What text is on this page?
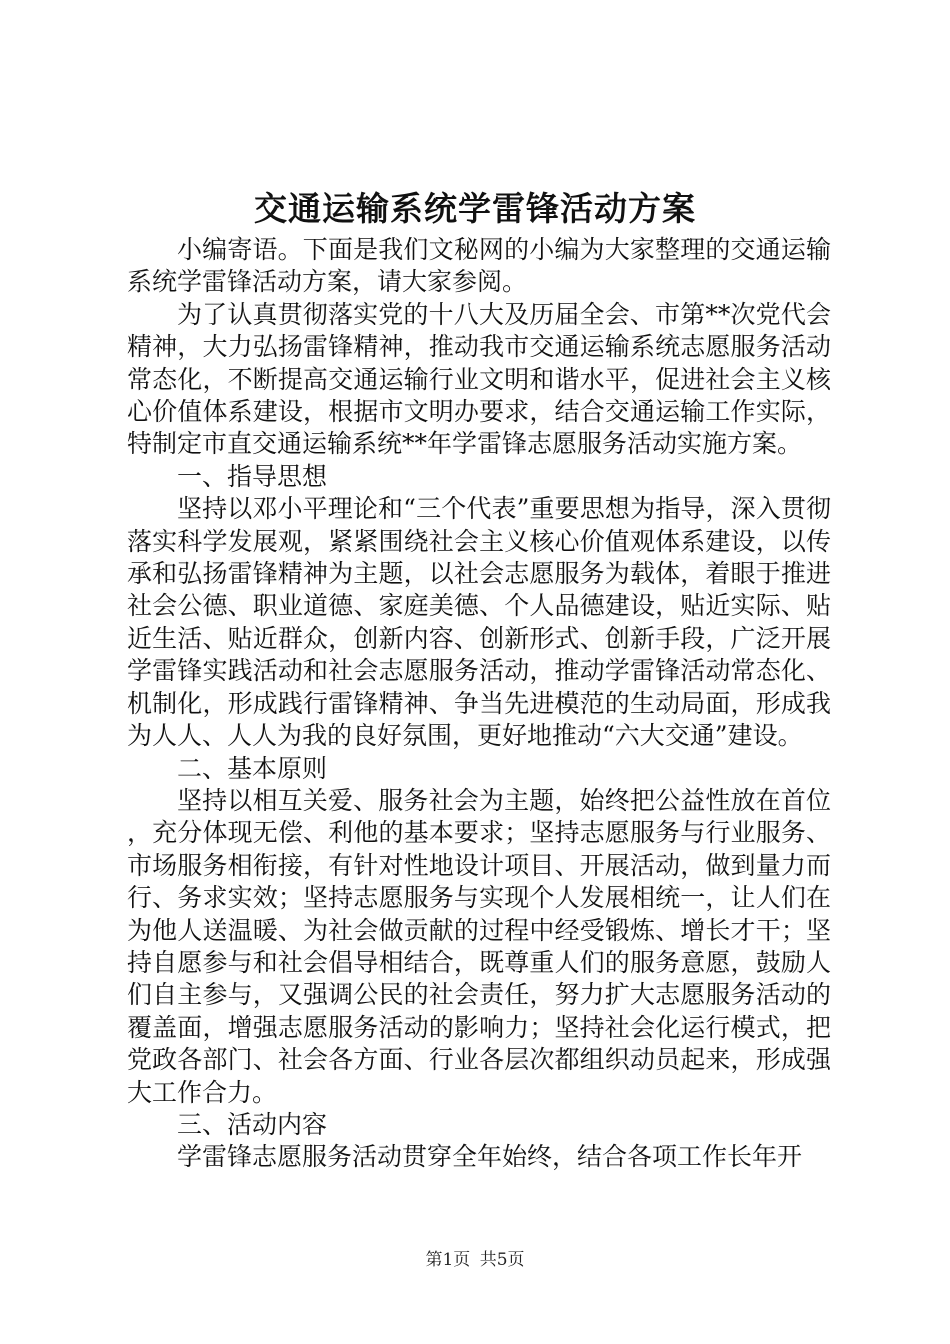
交通运输系统学雷锋活动方案

小编寄语。下面是我们文秘网的小编为大家整理的交通运输系统学雷锋活动方案，请大家参阅。

为了认真贯彻落实党的十八大及历届全会、市第**次党代会精神，大力弘扬雷锋精神，推动我市交通运输系统志愿服务活动常态化，不断提高交通运输行业文明和谐水平，促进社会主义核心价值体系建设，根据市文明办要求，结合交通运输工作实际，特制定市直交通运输系统**年学雷锋志愿服务活动实施方案。

一、指导思想

坚持以邓小平理论和“三个代表”重要思想为指导，深入贯彻落实科学发展观，紧紧围绕社会主义核心价值观体系建设，以传承和弘扬雷锋精神为主题，以社会志愿服务为载体，着眼于推进社会公德、职业道德、家庭美德、个人品德建设，贴近实际、贴近生活、贴近群众，创新内容、创新形式、创新手段，广泛开展学雷锋实践活动和社会志愿服务活动，推动学雷锋活动常态化、机制化，形成践行雷锋精神、争当先进模范的生动局面，形成我为人人、人人为我的良好氛围，更好地推动“六大交通”建设。

二、基本原则

坚持以相互关爱、服务社会为主题，始终把公益性放在首位，充分体现无偿、利他的基本要求；坚持志愿服务与行业服务、市场服务相衔接，有针对性地设计项目、开展活动，做到量力而行、务求实效；坚持志愿服务与实现个人发展相统一，让人们在为他人送温暖、为社会做贡献的过程中经受锻炼、增长才干；坚持自愿参与和社会倡导相结合，既尊重人们的服务意愿，鼓励人们自主参与，又强调公民的社会责任，努力扩大志愿服务活动的覆盖面，增强志愿服务活动的影响力；坚持社会化运行模式，把党政各部门、社会各方面、行业各层次都组织动员起来，形成强大工作合力。

三、活动内容

学雷锋志愿服务活动贯穿全年始终，结合各项工作长年开

第1页 共5页
